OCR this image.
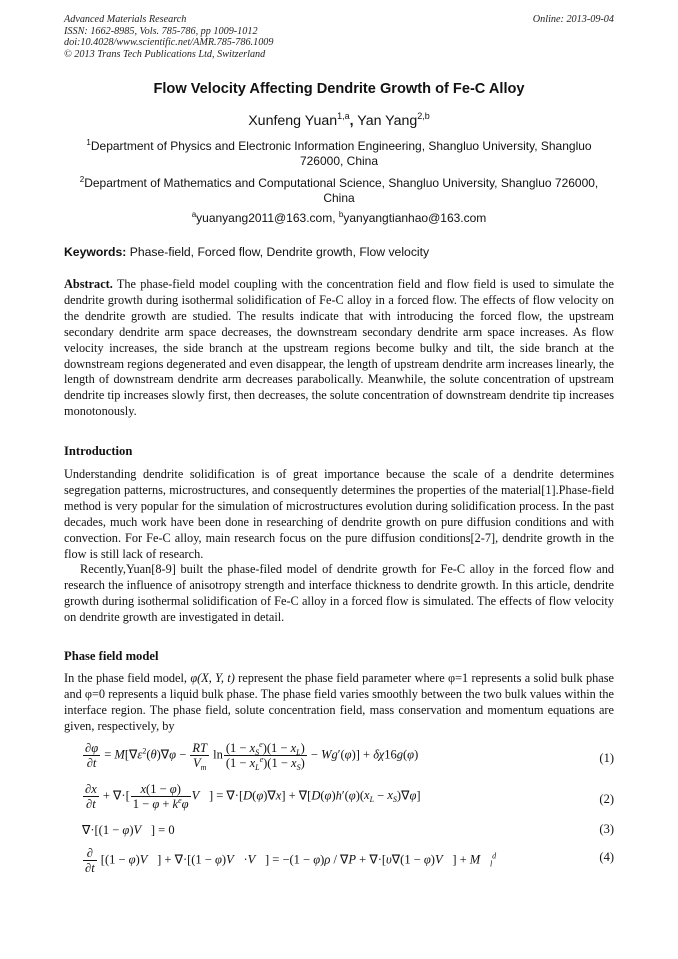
Advanced Materials Research
ISSN: 1662-8985, Vols. 785-786, pp 1009-1012
doi:10.4028/www.scientific.net/AMR.785-786.1009
© 2013 Trans Tech Publications Ltd, Switzerland
Online: 2013-09-04
Flow Velocity Affecting Dendrite Growth of Fe-C Alloy
Xunfeng Yuan$^{1,a}$, Yan Yang$^{2,b}$
$^1$Department of Physics and Electronic Information Engineering, Shangluo University, Shangluo 726000, China
$^2$Department of Mathematics and Computational Science, Shangluo University, Shangluo 726000, China
$^a$yuanyang2011@163.com, $^b$yanyangtianhao@163.com
Keywords: Phase-field, Forced flow, Dendrite growth, Flow velocity
Abstract. The phase-field model coupling with the concentration field and flow field is used to simulate the dendrite growth during isothermal solidification of Fe-C alloy in a forced flow. The effects of flow velocity on the dendrite growth are studied. The results indicate that with introducing the forced flow, the upstream secondary dendrite arm space decreases, the downstream secondary dendrite arm space increases. As flow velocity increases, the side branch at the upstream regions become bulky and tilt, the side branch at the downstream regions degenerated and even disappear, the length of upstream dendrite arm increases linearly, the length of downstream dendrite arm decreases parabolically. Meanwhile, the solute concentration of upstream dendrite tip increases slowly first, then decreases, the solute concentration of downstream dendrite tip increases monotonously.
Introduction
Understanding dendrite solidification is of great importance because the scale of a dendrite determines segregation patterns, microstructures, and consequently determines the properties of the material[1].Phase-field method is very popular for the simulation of microstructures evolution during solidification process. In the past decades, much work have been done in researching of dendrite growth on pure diffusion conditions and with convection. For Fe-C alloy, main research focus on the pure diffusion conditions[2-7], dendrite growth in the flow is still lack of research.
Recently,Yuan[8-9] built the phase-filed model of dendrite growth for Fe-C alloy in the forced flow and research the influence of anisotropy strength and interface thickness to dendrite growth. In this article, dendrite growth during isothermal solidification of Fe-C alloy in a forced flow is simulated. The effects of flow velocity on dendrite growth are investigated in detail.
Phase field model
In the phase field model, φ(X, Y, t) represent the phase field parameter where φ=1 represents a solid bulk phase and φ=0 represents a liquid bulk phase. The phase field varies smoothly between the two bulk values within the interface region. The phase field, solute concentration field, mass conservation and momentum equations are given, respectively, by
$\frac{\partial\varphi}{\partial t} = M[\nabla\varepsilon^2(\theta)\nabla\varphi - \frac{RT}{V_m}$ $\ln \frac{(1 - x_S^e)(1 - x_L)}{(1 - x_L^e)(1 - x_S)} - Wg'(\varphi)] + \delta\chi 16g(\varphi)$	(1)
$\frac{\partial x}{\partial t}$ + ∇·[ $\frac{x(1 - \varphi)}{1 - \varphi + k^e\varphi}$ V⃗] = $\nabla\cdot[D(\varphi)\nabla x] + \nabla[D(\varphi)h'(\varphi)(x_L - x_S)\nabla\varphi]$	(2)
∇·[(1 − φ)V⃗] = 0	(3)
$\frac{\partial}{\partial t} [(1$ − φ)V⃗] + ∇·[(1 − φ)V⃗·V⃗] = −(1 − φ)ρ / ∇P + ∇·[υ∇(1 − φ)V⃗] + $M⃗_l^d$	(4)
